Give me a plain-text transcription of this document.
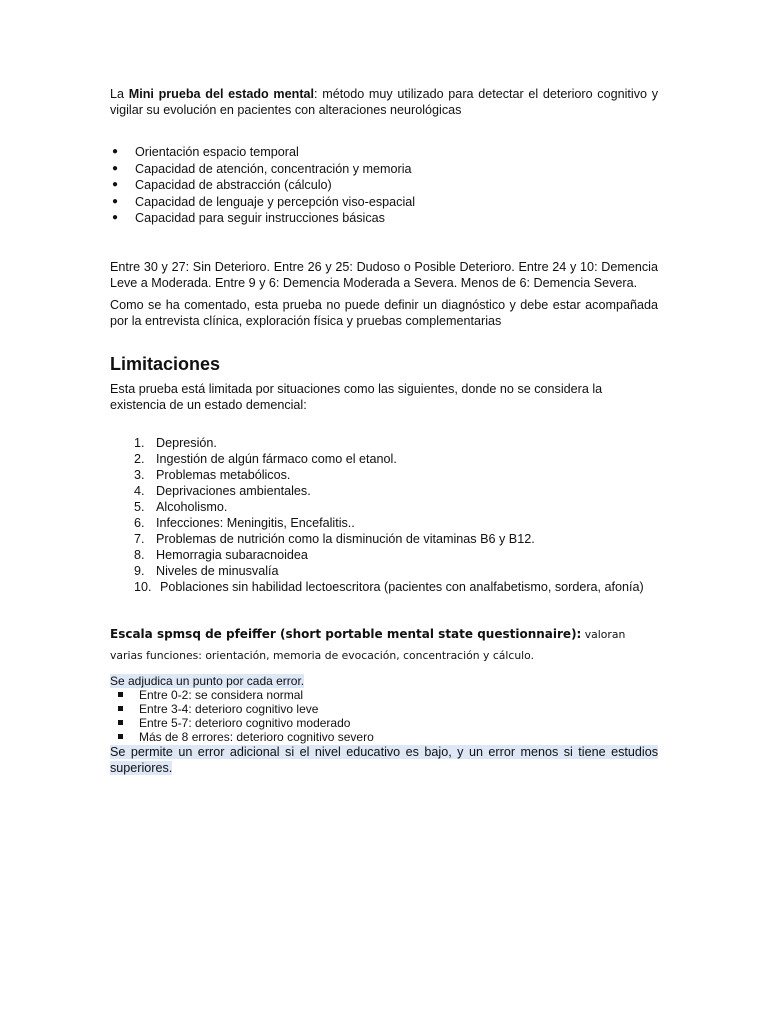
La Mini prueba del estado mental: método muy utilizado para detectar el deterioro cognitivo y vigilar su evolución en pacientes con alteraciones neurológicas

● Orientación espacio temporal
● Capacidad de atención, concentración y memoria
● Capacidad de abstracción (cálculo)
● Capacidad de lenguaje y percepción viso-espacial
● Capacidad para seguir instrucciones básicas

Entre 30 y 27: Sin Deterioro. Entre 26 y 25: Dudoso o Posible Deterioro. Entre 24 y 10: Demencia Leve a Moderada. Entre 9 y 6: Demencia Moderada a Severa. Menos de 6: Demencia Severa.

Como se ha comentado, esta prueba no puede definir un diagnóstico y debe estar acompañada por la entrevista clínica, exploración física y pruebas complementarias

Limitaciones

Esta prueba está limitada por situaciones como las siguientes, donde no se considera la existencia de un estado demencial:

1. Depresión.
2. Ingestión de algún fármaco como el etanol.
3. Problemas metabólicos.
4. Deprivaciones ambientales.
5. Alcoholismo.
6. Infecciones: Meningitis, Encefalitis..
7. Problemas de nutrición como la disminución de vitaminas B6 y B12.
8. Hemorragia subaracnoidea
9. Niveles de minusvalía
10. Poblaciones sin habilidad lectoescritora (pacientes con analfabetismo, sordera, afonía)
Escala spmsq de pfeiffer (short portable mental state questionnaire): valoran varias funciones: orientación, memoria de evocación, concentración y cálculo.
Se adjudica un punto por cada error.
Entre 0-2: se considera normal
Entre 3-4: deterioro cognitivo leve
Entre 5-7: deterioro cognitivo moderado
Más de 8 errores: deterioro cognitivo severo
Se permite un error adicional si el nivel educativo es bajo, y un error menos si tiene estudios superiores.
